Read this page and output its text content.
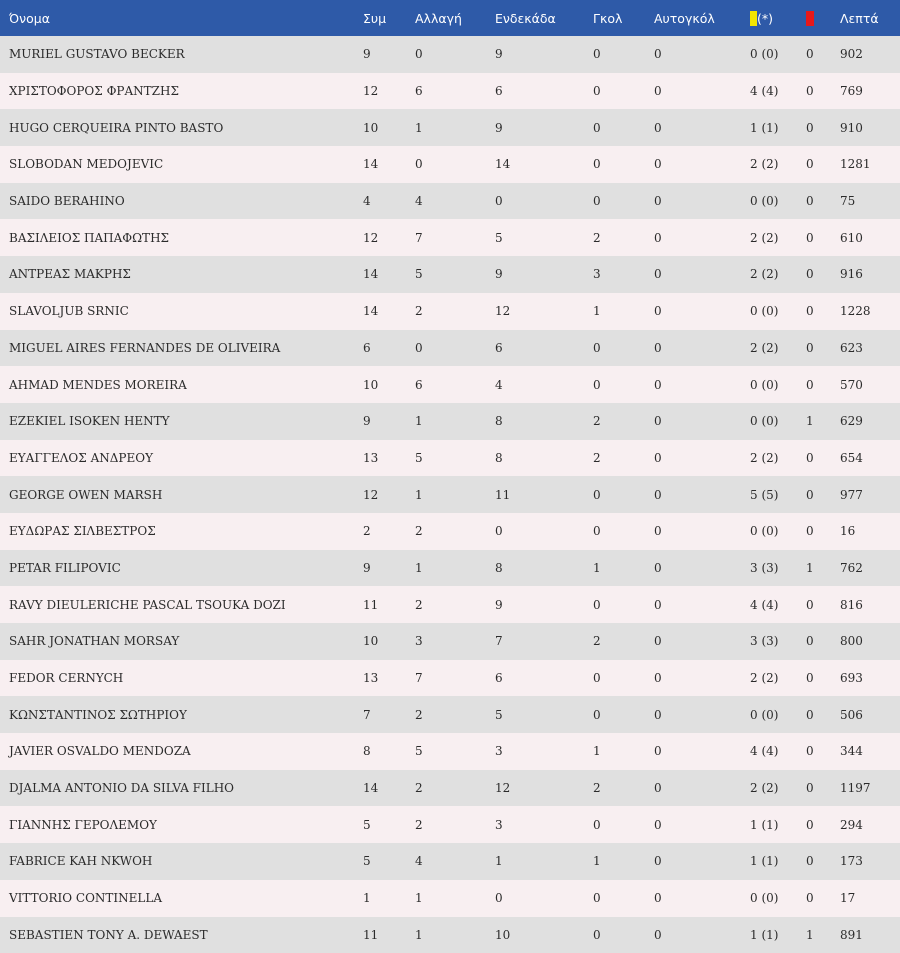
Όνομα	Συμ	Αλλαγή	Ενδεκάδα	Γκολ	Αυτογκόλ	(*)		Λεπτά
MURIEL GUSTAVO BECKER	9	0	9	0	0	0 (0)	0	902
ΧΡΙΣΤΟΦΟΡΟΣ ΦΡΑΝΤΖΗΣ	12	6	6	0	0	4 (4)	0	769
HUGO CERQUEIRA PINTO BASTO	10	1	9	0	0	1 (1)	0	910
SLOBODAN MEDOJEVIC	14	0	14	0	0	2 (2)	0	1281
SAIDO BERAHINO	4	4	0	0	0	0 (0)	0	75
ΒΑΣΙΛΕΙΟΣ ΠΑΠΑΦΩΤΗΣ	12	7	5	2	0	2 (2)	0	610
ΑΝΤΡΕΑΣ ΜΑΚΡΗΣ	14	5	9	3	0	2 (2)	0	916
SLAVOLJUB SRNIC	14	2	12	1	0	0 (0)	0	1228
MIGUEL AIRES FERNANDES DE OLIVEIRA	6	0	6	0	0	2 (2)	0	623
AHMAD MENDES MOREIRA	10	6	4	0	0	0 (0)	0	570
EZEKIEL ISOKEN HENTY	9	1	8	2	0	0 (0)	1	629
ΕΥΑΓΓΕΛΟΣ ΑΝΔΡΕΟΥ	13	5	8	2	0	2 (2)	0	654
GEORGE OWEN MARSH	12	1	11	0	0	5 (5)	0	977
ΕΥΔΩΡΑΣ ΣΙΛΒΕΣΤΡΟΣ	2	2	0	0	0	0 (0)	0	16
PETAR FILIPOVIC	9	1	8	1	0	3 (3)	1	762
RAVY DIEULERICHE PASCAL TSOUKA DOZI	11	2	9	0	0	4 (4)	0	816
SAHR JONATHAN MORSAY	10	3	7	2	0	3 (3)	0	800
FEDOR CERNYCH	13	7	6	0	0	2 (2)	0	693
ΚΩΝΣΤΑΝΤΙΝΟΣ ΣΩΤΗΡΙΟΥ	7	2	5	0	0	0 (0)	0	506
JAVIER OSVALDO MENDOZA	8	5	3	1	0	4 (4)	0	344
DJALMA ANTONIO DA SILVA FILHO	14	2	12	2	0	2 (2)	0	1197
ΓΙΑΝΝΗΣ ΓΕΡΟΛΕΜΟΥ	5	2	3	0	0	1 (1)	0	294
FABRICE KAH NKWOH	5	4	1	1	0	1 (1)	0	173
VITTORIO CONTINELLA	1	1	0	0	0	0 (0)	0	17
SEBASTIEN TONY A. DEWAEST	11	1	10	0	0	1 (1)	1	891
